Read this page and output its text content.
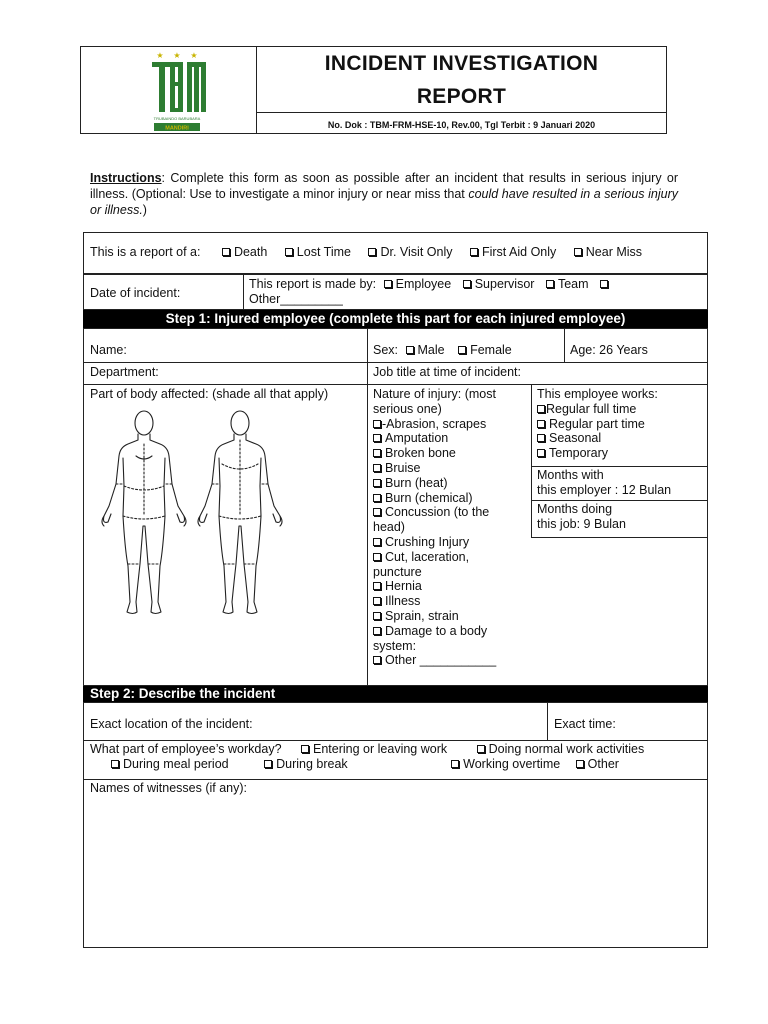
★ ★ ★
TRUBAINDO BARUBARA
MANDIRI
INCIDENT INVESTIGATION
REPORT
No. Dok : TBM-FRM-HSE-10, Rev.00, Tgl Terbit : 9 Januari 2020
Instructions: Complete this form as soon as possible after an incident that results in serious injury or illness. (Optional: Use to investigate a minor injury or near miss that could have resulted in a serious injury or illness.)
This is a report of a:	Death Lost Time Dr. Visit Only First Aid Only Near Miss
Date of incident:
This report is made by: Employee Supervisor Team
Other_________
Step 1: Injured employee (complete this part for each injured employee)
Name:	Sex: Male Female	Age: 26 Years
Department:	Job title at time of incident:
Part of body affected: (shade all that apply)	Nature of injury: (most
serious one)
-Abrasion, scrapes
Amputation
Broken bone
Bruise
Burn (heat)
Burn (chemical)
Concussion (to the
head)
Crushing Injury
Cut, laceration,
puncture
Hernia
Illness
Sprain, strain
Damage to a body
system:
Other ___________
This employee works:
Regular full time
Regular part time
Seasonal
Temporary
Months with
this employer : 12 Bulan
Months doing
this job: 9 Bulan
Step 2: Describe the incident
Exact location of the incident:	Exact time:
What part of employee’s workday?	Entering or leaving work	Doing normal work activities
During meal period	During break	Working overtime Other
Names of witnesses (if any):
